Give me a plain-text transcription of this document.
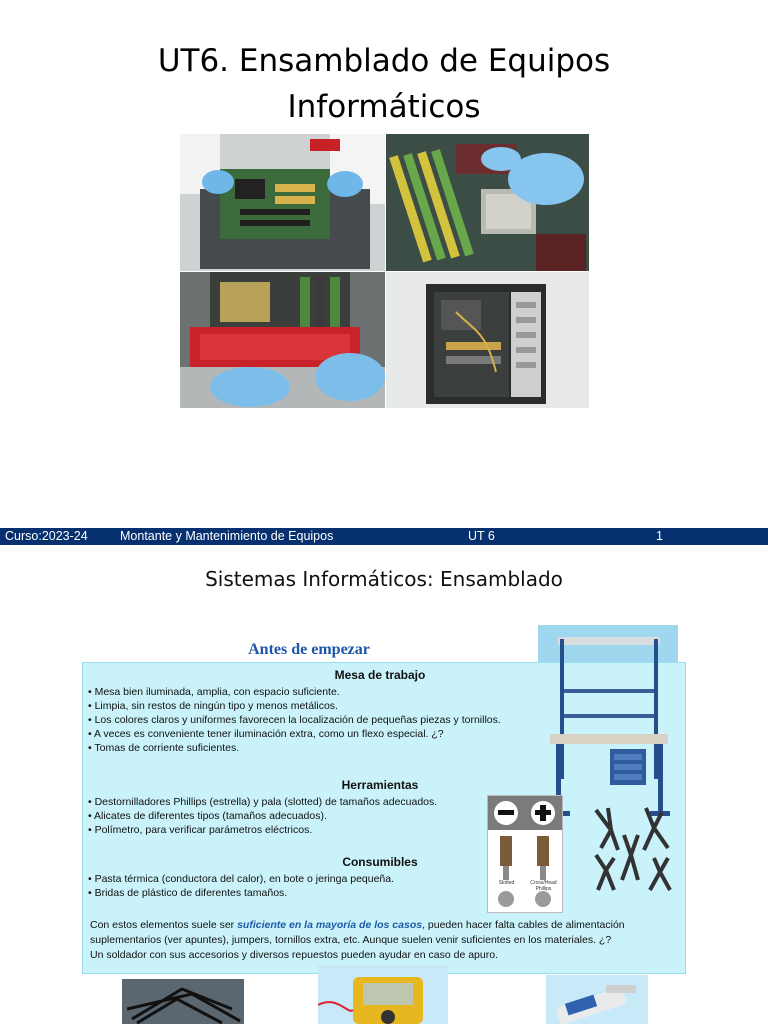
UT6. Ensamblado de Equipos
Informáticos
Curso:2023-24	Montante y Mantenimiento de Equipos	UT 6	1
Sistemas Informáticos: Ensamblado
Antes de empezar
Mesa de trabajo
• Mesa bien iluminada, amplia, con espacio suficiente.
• Limpia, sin restos de ningún tipo y menos metálicos.
• Los colores claros y uniformes favorecen la localización de pequeñas piezas y tornillos.
• A veces es conveniente tener iluminación extra, como un flexo especial. ¿?
• Tomas de corriente suficientes.
Herramientas
• Destornilladores Phillips (estrella) y pala (slotted) de tamaños adecuados.
• Alicates de diferentes tipos (tamaños adecuados).
• Polímetro, para verificar parámetros eléctricos.
Consumibles
• Pasta térmica (conductora del calor), en bote o jeringa pequeña.
• Bridas de plástico de diferentes tamaños.
Con estos elementos suele ser suficiente en la mayoría de los casos, pueden hacer falta cables de alimentación suplementarios (ver apuntes), jumpers, tornillos extra, etc. Aunque suelen venir suficientes en los materiales. ¿?
Un soldador con sus accesorios y diversos repuestos pueden ayudar en caso de apuro.
Slotted	Cross/Head Phillips
